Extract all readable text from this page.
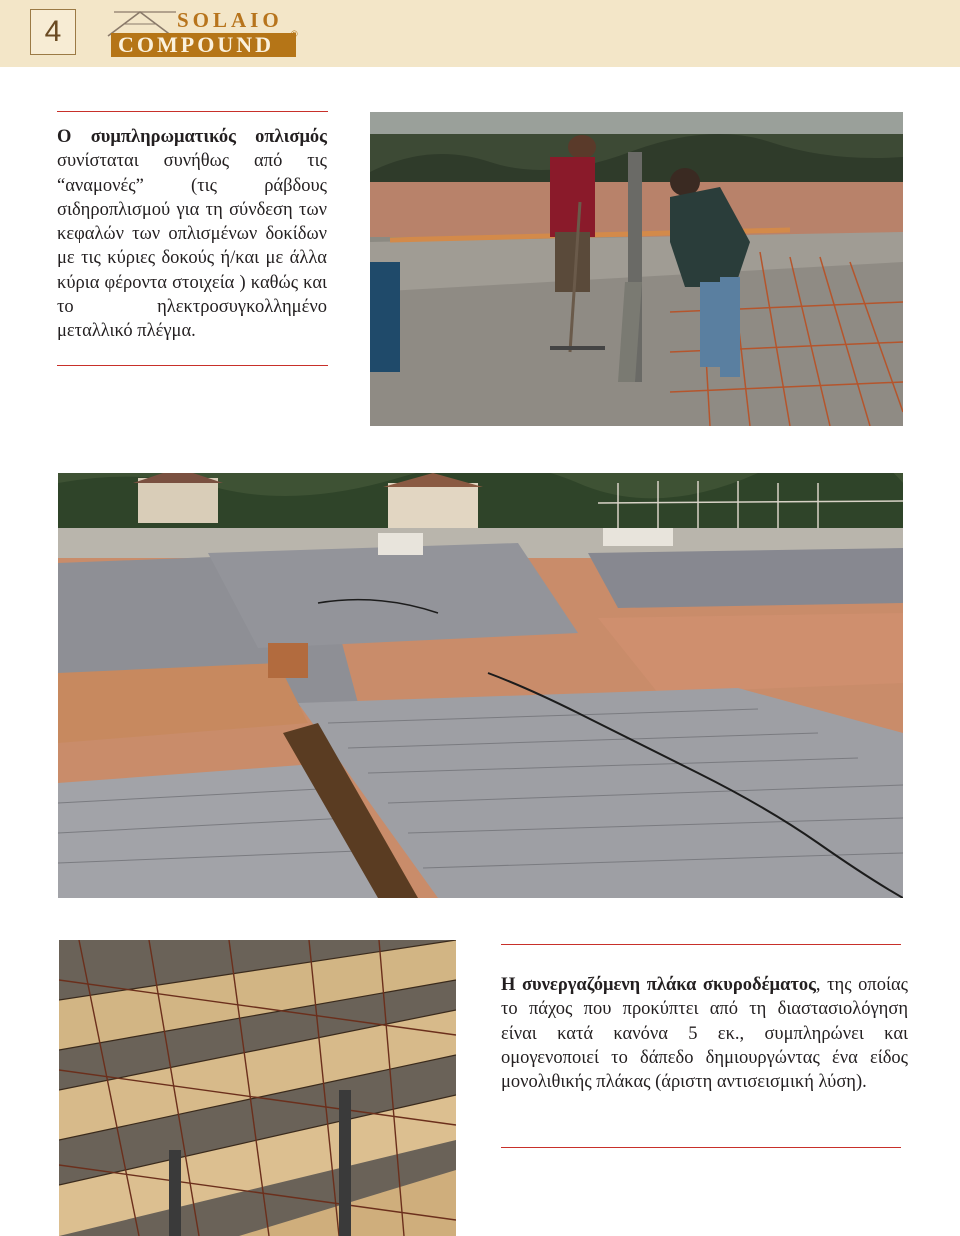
4	SOLAIO
COMPOUND ®
Ο συμπληρωματικός οπλισμός συνίσταται συνήθως από τις “αναμονές” (τις ράβδους σιδηροπλισμού για τη σύνδεση των κεφαλών των οπλισμένων δοκίδων με τις κύριες δοκούς ή/και με άλλα κύρια φέροντα στοιχεία ) καθώς και το ηλεκτροσυγκολλημένο μεταλλικό πλέγμα.
Η συνεργαζόμενη πλάκα σκυροδέματος, της οποίας το πάχος που προκύπτει από τη διαστασιολόγηση είναι κατά κανόνα 5 εκ., συμπληρώνει και ομογενοποιεί το δάπεδο δημιουργώντας ένα είδος μονολιθικής πλάκας (άριστη αντισεισμική λύση).
